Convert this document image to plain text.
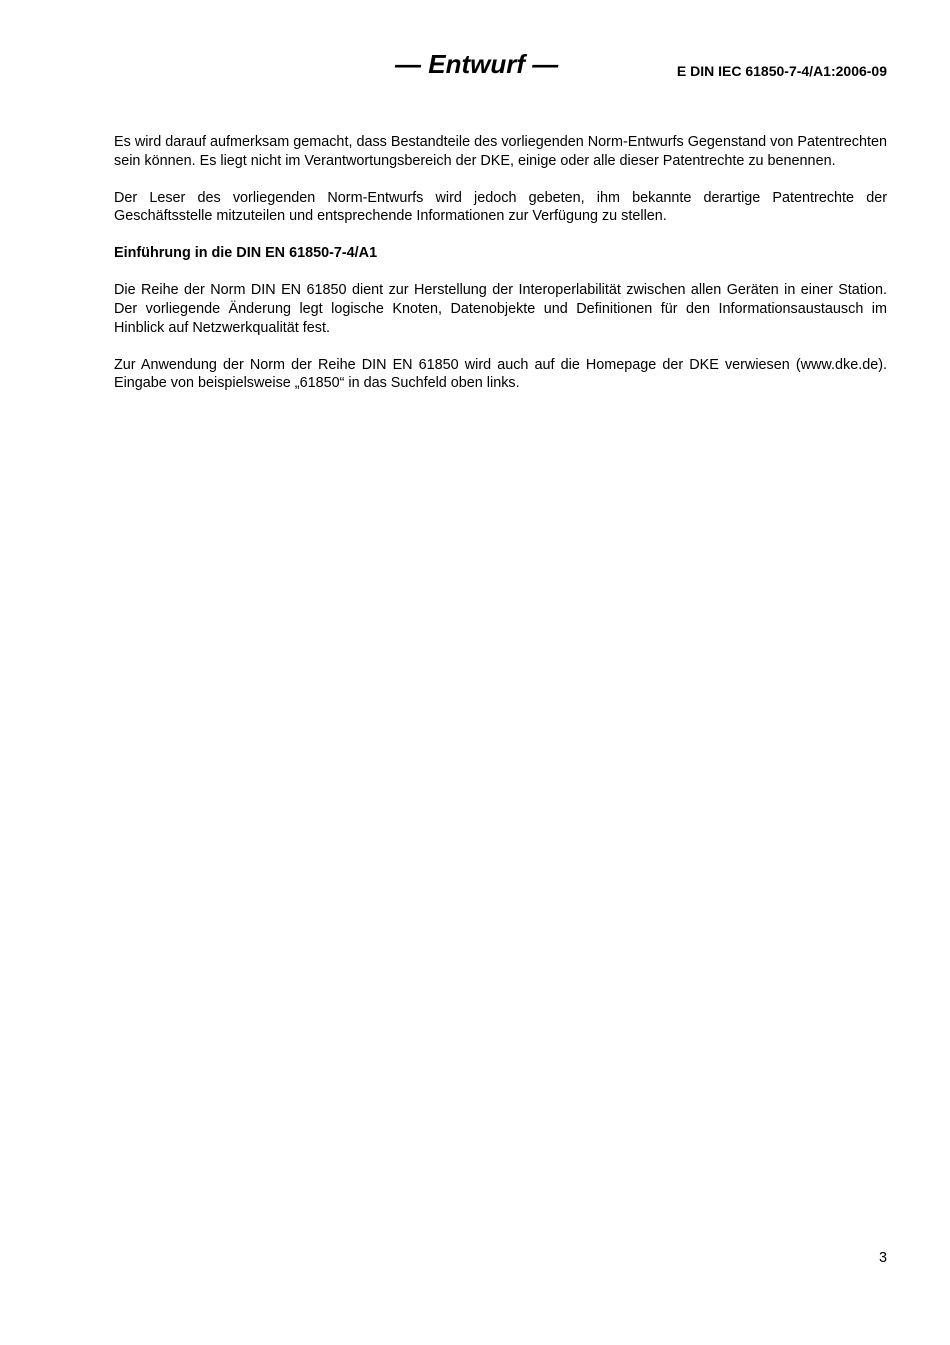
— Entwurf —	E DIN IEC 61850-7-4/A1:2006-09

Es wird darauf aufmerksam gemacht, dass Bestandteile des vorliegenden Norm-Entwurfs Gegenstand von Patentrechten sein können. Es liegt nicht im Verantwortungsbereich der DKE, einige oder alle dieser Patentrechte zu benennen.

Der Leser des vorliegenden Norm-Entwurfs wird jedoch gebeten, ihm bekannte derartige Patentrechte der Geschäftsstelle mitzuteilen und entsprechende Informationen zur Verfügung zu stellen.

Einführung in die DIN EN 61850-7-4/A1

Die Reihe der Norm DIN EN 61850 dient zur Herstellung der Interoperlabilität zwischen allen Geräten in einer Station. Der vorliegende Änderung legt logische Knoten, Datenobjekte und Definitionen für den Informationsaustausch im Hinblick auf Netzwerkqualität fest.

Zur Anwendung der Norm der Reihe DIN EN 61850 wird auch auf die Homepage der DKE verwiesen (www.dke.de). Eingabe von beispielsweise „61850“ in das Suchfeld oben links.

3
